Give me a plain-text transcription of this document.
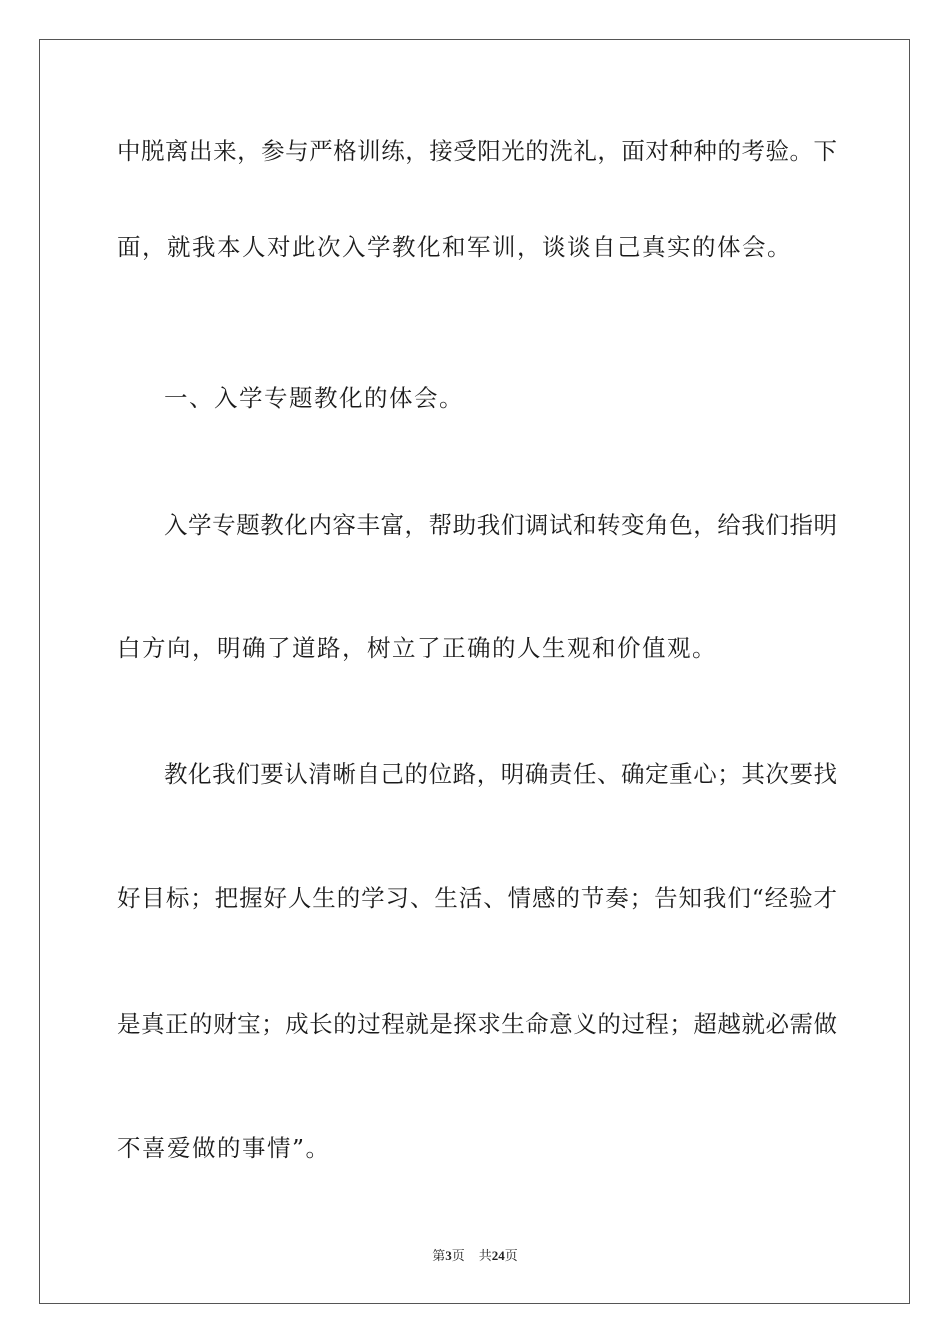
中脱离出来，参与严格训练，接受阳光的洗礼，面对种种的考验。下
面，就我本人对此次入学教化和军训，谈谈自己真实的体会。
一、入学专题教化的体会。
入学专题教化内容丰富，帮助我们调试和转变角色，给我们指明
白方向，明确了道路，树立了正确的人生观和价值观。
教化我们要认清晰自己的位路，明确责任、确定重心；其次要找
好目标；把握好人生的学习、生活、情感的节奏；告知我们“经验才
是真正的财宝；成长的过程就是探求生命意义的过程；超越就必需做
不喜爱做的事情”。
第3页 共24页
